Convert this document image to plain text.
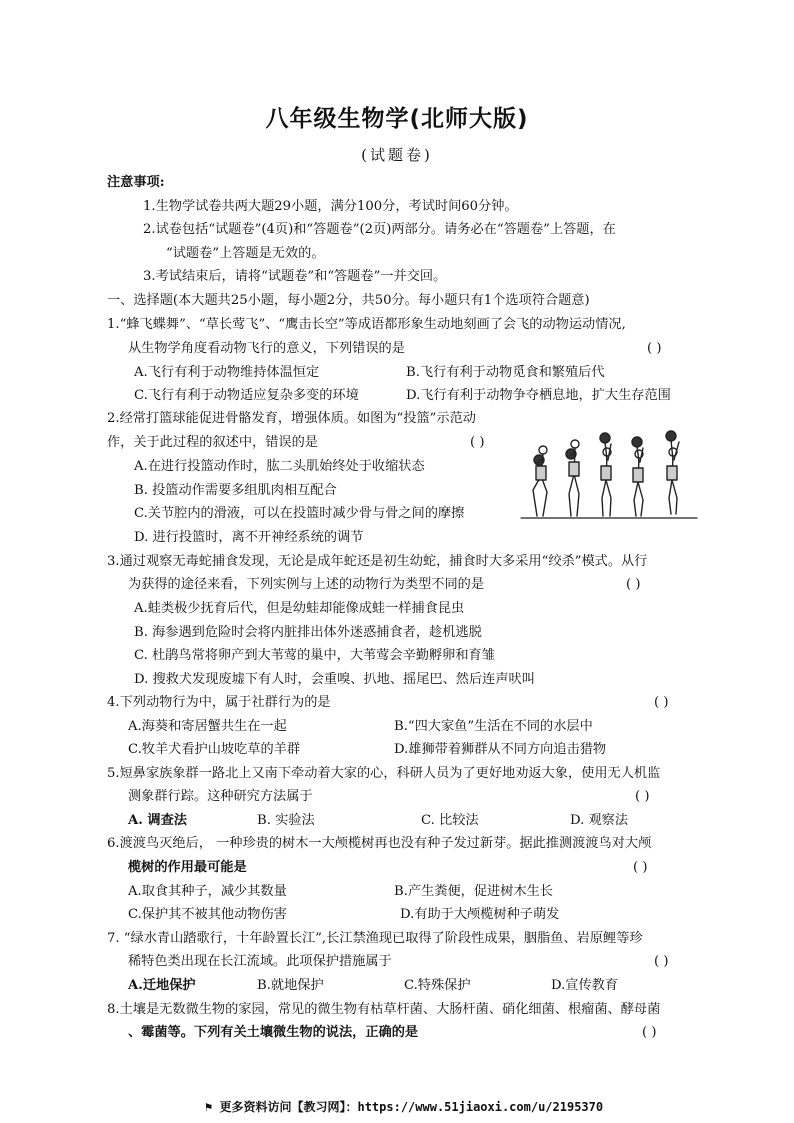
八年级生物学(北师大版)
(试题卷)
注意事项:
1.生物学试卷共两大题29小题，满分100分，考试时间60分钟。
2.试卷包括“试题卷”(4页)和“答题卷”(2页)两部分。请务必在“答题卷”上答题，在
“试题卷”上答题是无效的。
3.考试结束后，请将“试题卷”和“答题卷”一并交回。
一、选择题(本大题共25小题，每小题2分，共50分。每小题只有1个选项符合题意)
1.“蜂飞蝶舞”、“草长莺飞”、“鹰击长空”等成语都形象生动地刻画了会飞的动物运动情况,
从生物学角度看动物飞行的意义，下列错误的是	( )
A.飞行有利于动物维持体温恒定	B.飞行有利于动物觅食和繁殖后代
C.飞行有利于动物适应复杂多变的环境	D.飞行有利于动物争夺栖息地，扩大生存范围
2.经常打篮球能促进骨骼发育，增强体质。如图为“投篮”示范动
作，关于此过程的叙述中，错误的是	( )
A.在进行投篮动作时，肱二头肌始终处于收缩状态
B. 投篮动作需要多组肌肉相互配合
C.关节腔内的滑液，可以在投篮时减少骨与骨之间的摩擦
D. 进行投篮时，离不开神经系统的调节
3.通过观察无毒蛇捕食发现，无论是成年蛇还是初生幼蛇，捕食时大多采用“绞杀”模式。从行
为获得的途径来看，下列实例与上述的动物行为类型不同的是	( )
A.蛙类极少抚育后代，但是幼蛙却能像成蛙一样捕食昆虫
B. 海参遇到危险时会将内脏排出体外迷惑捕食者，趁机逃脱
C. 杜鹃鸟常将卵产到大苇莺的巢中，大苇莺会辛勤孵卵和育雏
D. 搜救犬发现废墟下有人时，会重嗅、扒地、摇尾巴、然后连声吠叫
4.下列动物行为中，属于社群行为的是	( )
A.海葵和寄居蟹共生在一起	B.“四大家鱼”生活在不同的水层中
C.牧羊犬看护山坡吃草的羊群	D.雄狮带着狮群从不同方向追击猎物
5.短鼻家族象群一路北上又南下牵动着大家的心，科研人员为了更好地劝返大象，使用无人机监
测象群行踪。这种研究方法属于	( )
A. 调查法	B. 实验法	C. 比较法	D. 观察法
6.渡渡鸟灭绝后， 一种珍贵的树木一大颅榄树再也没有种子发过新芽。据此推测渡渡鸟对大颅
榄树的作用最可能是	( )
A.取食其种子，减少其数量	B.产生粪便，促进树木生长
C.保护其不被其他动物伤害	D.有助于大颅榄树种子萌发
7. “绿水青山踏歌行，十年龄置长江”,长江禁渔现已取得了阶段性成果，胭脂鱼、岩原鲤等珍
稀特色类出现在长江流域。此项保护措施属于	( )
A.迁地保护	B.就地保护	C.特殊保护	D.宣传教育
8.土壤是无数微生物的家园，常见的微生物有枯草杆菌、大肠杆菌、硝化细菌、根瘤菌、酵母菌
、霉菌等。下列有关土壤微生物的说法，正确的是	( )
⚑ 更多资料访问【教习网】：https://www.51jiaoxi.com/u/2195370
